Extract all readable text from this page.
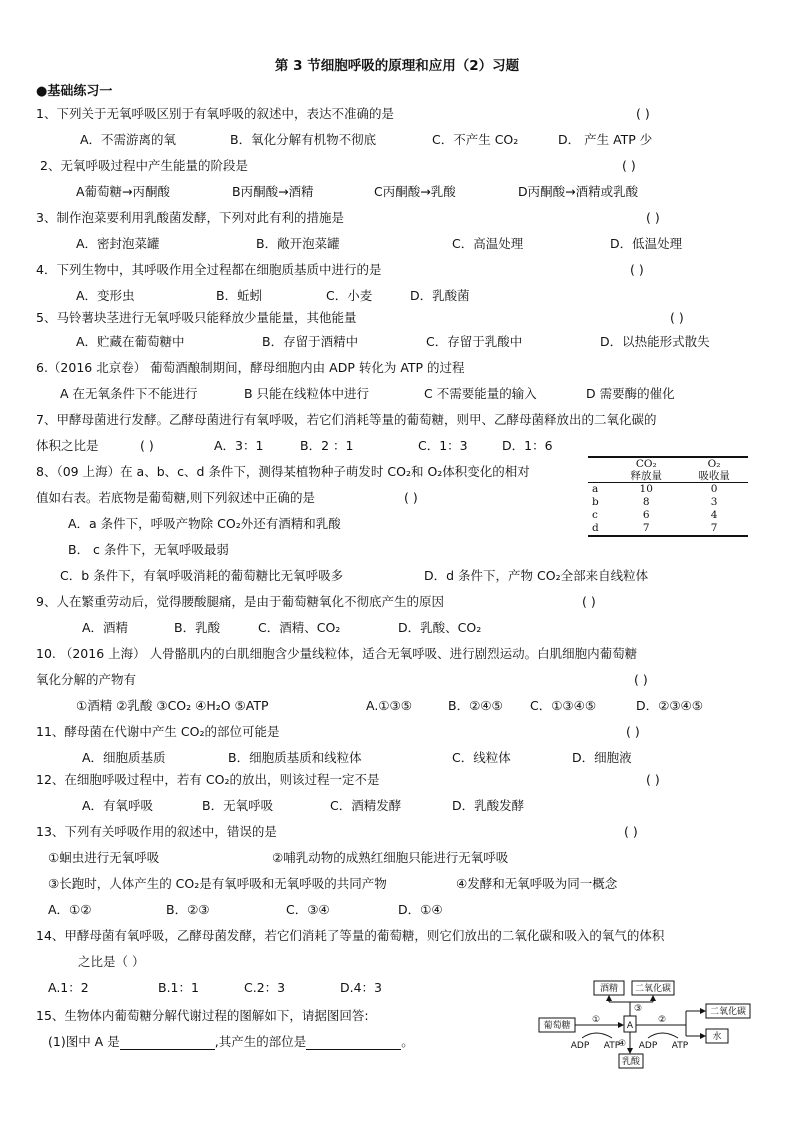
第 3 节细胞呼吸的原理和应用（2）习题
●基础练习一
1、下列关于无氧呼吸区别于有氧呼吸的叙述中，表达不准确的是	( )
A．不需游离的氧	B．氧化分解有机物不彻底	C．不产生 CO₂	D． 产生 ATP 少
2、无氧呼吸过程中产生能量的阶段是	( )
A葡萄糖→丙酮酸	B丙酮酸→酒精	C丙酮酸→乳酸	D丙酮酸→酒精或乳酸
3、制作泡菜要利用乳酸菌发酵，下列对此有利的措施是	( )
A．密封泡菜罐	B．敞开泡菜罐	C．高温处理	D．低温处理
4．下列生物中，其呼吸作用全过程都在细胞质基质中进行的是	( )
A．变形虫	B．蚯蚓	C．小麦	D．乳酸菌
5、马铃薯块茎进行无氧呼吸只能释放少量能量，其他能量	( )
A．贮藏在葡萄糖中	B．存留于酒精中	C．存留于乳酸中	D．以热能形式散失
6.（2016 北京卷） 葡萄酒酿制期间，酵母细胞内由 ADP 转化为 ATP 的过程
A 在无氧条件下不能进行	B 只能在线粒体中进行	C 不需要能量的输入	D 需要酶的催化
7、甲酵母菌进行发酵。乙酵母菌进行有氧呼吸，若它们消耗等量的葡萄糖，则甲、乙酵母菌释放出的二氧化碳的
体积之比是	( )	A．3：1	B．2 ：1	C．1：3	D．1：6
8、（09 上海）在 a、b、c、d 条件下，测得某植物种子萌发时 CO₂和 O₂体积变化的相对
值如右表。若底物是葡萄糖,则下列叙述中正确的是	( )
A．a 条件下，呼吸产物除 CO₂外还有酒精和乳酸
B． c 条件下，无氧呼吸最弱
C．b 条件下，有氧呼吸消耗的葡萄糖比无氧呼吸多	D．d 条件下，产物 CO₂全部来自线粒体
	CO₂	O₂
	释放量	吸收量
a	10	0
b	8	3
c	6	4
d	7	7
9、人在繁重劳动后，觉得腰酸腿痛，是由于葡萄糖氧化不彻底产生的原因	( )
A．酒精	B．乳酸	C．酒精、CO₂	D．乳酸、CO₂
10. （2016 上海） 人骨骼肌内的白肌细胞含少量线粒体，适合无氧呼吸、进行剧烈运动。白肌细胞内葡萄糖
氧化分解的产物有	( )
①酒精 ②乳酸 ③CO₂ ④H₂O ⑤ATP	A.①③⑤	B．②④⑤ C．①③④⑤	D．②③④⑤
11、酵母菌在代谢中产生 CO₂的部位可能是	( )
A．细胞质基质	B．细胞质基质和线粒体	C．线粒体	D．细胞液
12、在细胞呼吸过程中，若有 CO₂的放出，则该过程一定不是	( )
A．有氧呼吸	B．无氧呼吸	C．酒精发酵	D．乳酸发酵
13、下列有关呼吸作用的叙述中，错误的是	( )
①蛔虫进行无氧呼吸	②哺乳动物的成熟红细胞只能进行无氧呼吸
③长跑时，人体产生的 CO₂是有氧呼吸和无氧呼吸的共同产物	④发酵和无氧呼吸为同一概念
A．①②	B．②③	C．③④	D．①④
14、甲酵母菌有氧呼吸，乙酵母菌发酵，若它们消耗了等量的葡萄糖，则它们放出的二氧化碳和吸入的氧气的体积
之比是（ ）
A.1：2	B.1：1	C.2：3	D.4：3
15、生物体内葡萄糖分解代谢过程的图解如下，请据图回答:
(1)图中 A 是	,其产生的部位是	。
葡萄糖	A
酒精 二氧化碳
二氧化碳
水
乳酸
①	②
③
④
ADP ATP ADP ATP
